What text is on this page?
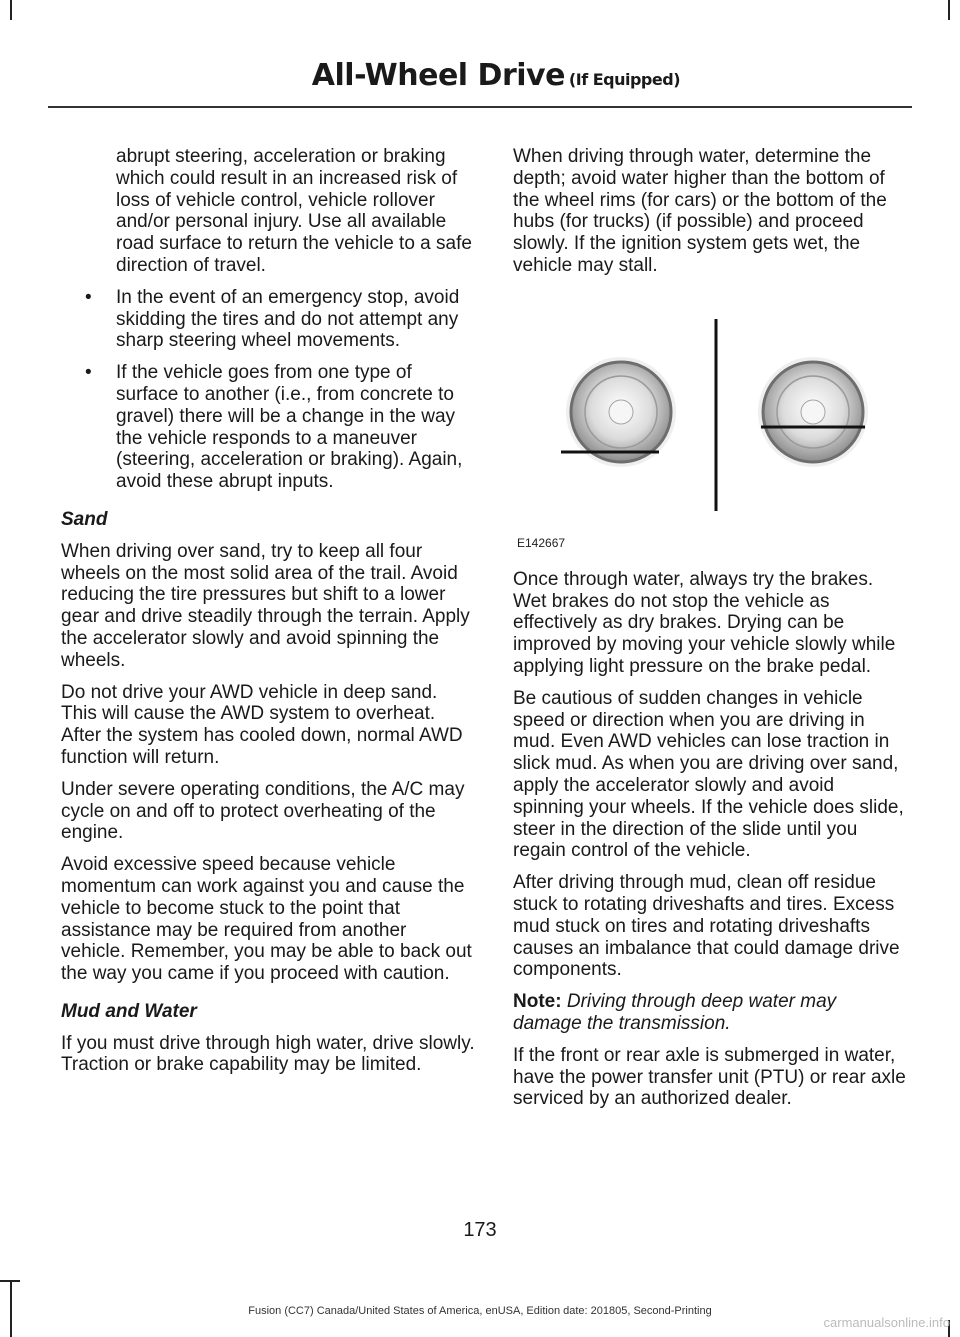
All-Wheel Drive (If Equipped)

abrupt steering, acceleration or braking which could result in an increased risk of loss of vehicle control, vehicle rollover and/or personal injury. Use all available road surface to return the vehicle to a safe direction of travel.

• In the event of an emergency stop, avoid skidding the tires and do not attempt any sharp steering wheel movements.
• If the vehicle goes from one type of surface to another (i.e., from concrete to gravel) there will be a change in the way the vehicle responds to a maneuver (steering, acceleration or braking). Again, avoid these abrupt inputs.
Sand

When driving over sand, try to keep all four wheels on the most solid area of the trail. Avoid reducing the tire pressures but shift to a lower gear and drive steadily through the terrain. Apply the accelerator slowly and avoid spinning the wheels.

Do not drive your AWD vehicle in deep sand. This will cause the AWD system to overheat. After the system has cooled down, normal AWD function will return.

Under severe operating conditions, the A/C may cycle on and off to protect overheating of the engine.

Avoid excessive speed because vehicle momentum can work against you and cause the vehicle to become stuck to the point that assistance may be required from another vehicle. Remember, you may be able to back out the way you came if you proceed with caution.

Mud and Water

If you must drive through high water, drive slowly. Traction or brake capability may be limited.

When driving through water, determine the depth; avoid water higher than the bottom of the wheel rims (for cars) or the bottom of the hubs (for trucks) (if possible) and proceed slowly. If the ignition system gets wet, the vehicle may stall.

E142667

Once through water, always try the brakes. Wet brakes do not stop the vehicle as effectively as dry brakes. Drying can be improved by moving your vehicle slowly while applying light pressure on the brake pedal.

Be cautious of sudden changes in vehicle speed or direction when you are driving in mud. Even AWD vehicles can lose traction in slick mud. As when you are driving over sand, apply the accelerator slowly and avoid spinning your wheels. If the vehicle does slide, steer in the direction of the slide until you regain control of the vehicle.

After driving through mud, clean off residue stuck to rotating driveshafts and tires. Excess mud stuck on tires and rotating driveshafts causes an imbalance that could damage drive components.

Note: Driving through deep water may damage the transmission.

If the front or rear axle is submerged in water, have the power transfer unit (PTU) or rear axle serviced by an authorized dealer.

173
Fusion (CC7) Canada/United States of America, enUSA, Edition date: 201805, Second-Printing
carmanualsonline.info
